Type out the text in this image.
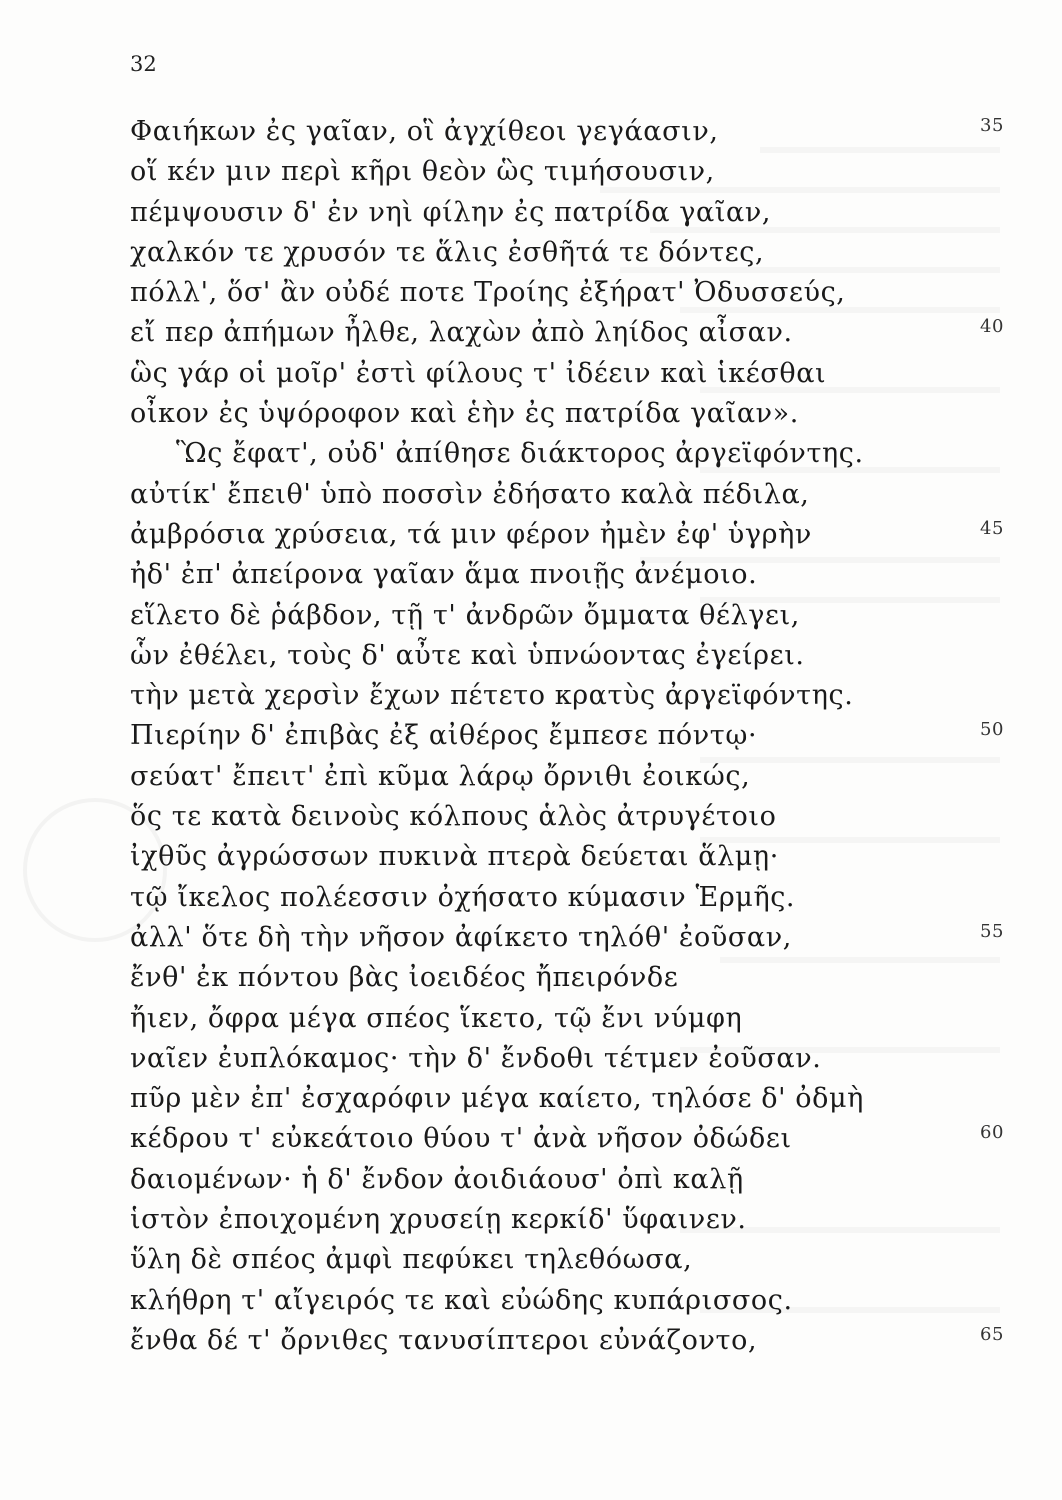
32
Φαιήκων ἐς γαῖαν, οἳ ἀγχίθεοι γεγάασιν,	35
οἵ κέν μιν περὶ κῆρι θεὸν ὣς τιμήσουσιν,
πέμψουσιν δ' ἐν νηὶ φίλην ἐς πατρίδα γαῖαν,
χαλκόν τε χρυσόν τε ἅλις ἐσθῆτά τε δόντες,
πόλλ', ὅσ' ἂν οὐδέ ποτε Τροίης ἐξήρατ' Ὀδυσσεύς,
εἴ περ ἀπήμων ἦλθε, λαχὼν ἀπὸ ληίδος αἶσαν.	40
ὣς γάρ οἱ μοῖρ' ἐστὶ φίλους τ' ἰδέειν καὶ ἱκέσθαι
οἶκον ἐς ὑψόροφον καὶ ἑὴν ἐς πατρίδα γαῖαν».
Ὣς ἔφατ', οὐδ' ἀπίθησε διάκτορος ἀργεϊφόντης.
αὐτίκ' ἔπειθ' ὑπὸ ποσσὶν ἐδήσατο καλὰ πέδιλα,
ἀμβρόσια χρύσεια, τά μιν φέρον ἠμὲν ἐφ' ὑγρὴν	45
ἠδ' ἐπ' ἀπείρονα γαῖαν ἅμα πνοιῇς ἀνέμοιο.
εἵλετο δὲ ῥάβδον, τῇ τ' ἀνδρῶν ὄμματα θέλγει,
ὧν ἐθέλει, τοὺς δ' αὖτε καὶ ὑπνώοντας ἐγείρει.
τὴν μετὰ χερσὶν ἔχων πέτετο κρατὺς ἀργεϊφόντης.
Πιερίην δ' ἐπιβὰς ἐξ αἰθέρος ἔμπεσε πόντῳ·	50
σεύατ' ἔπειτ' ἐπὶ κῦμα λάρῳ ὄρνιθι ἐοικώς,
ὅς τε κατὰ δεινοὺς κόλπους ἁλὸς ἀτρυγέτοιο
ἰχθῦς ἀγρώσσων πυκινὰ πτερὰ δεύεται ἅλμῃ·
τῷ ἴκελος πολέεσσιν ὀχήσατο κύμασιν Ἑρμῆς.
ἀλλ' ὅτε δὴ τὴν νῆσον ἀφίκετο τηλόθ' ἐοῦσαν,	55
ἔνθ' ἐκ πόντου βὰς ἰοειδέος ἤπειρόνδε
ἤιεν, ὄφρα μέγα σπέος ἵκετο, τῷ ἔνι νύμφη
ναῖεν ἐυπλόκαμος· τὴν δ' ἔνδοθι τέτμεν ἐοῦσαν.
πῦρ μὲν ἐπ' ἐσχαρόφιν μέγα καίετο, τηλόσε δ' ὀδμὴ
κέδρου τ' εὐκεάτοιο θύου τ' ἀνὰ νῆσον ὀδώδει	60
δαιομένων· ἡ δ' ἔνδον ἀοιδιάουσ' ὀπὶ καλῇ
ἱστὸν ἐποιχομένη χρυσείῃ κερκίδ' ὕφαινεν.
ὕλη δὲ σπέος ἀμφὶ πεφύκει τηλεθόωσα,
κλήθρη τ' αἴγειρός τε καὶ εὐώδης κυπάρισσος.
ἔνθα δέ τ' ὄρνιθες τανυσίπτεροι εὐνάζοντο,	65
